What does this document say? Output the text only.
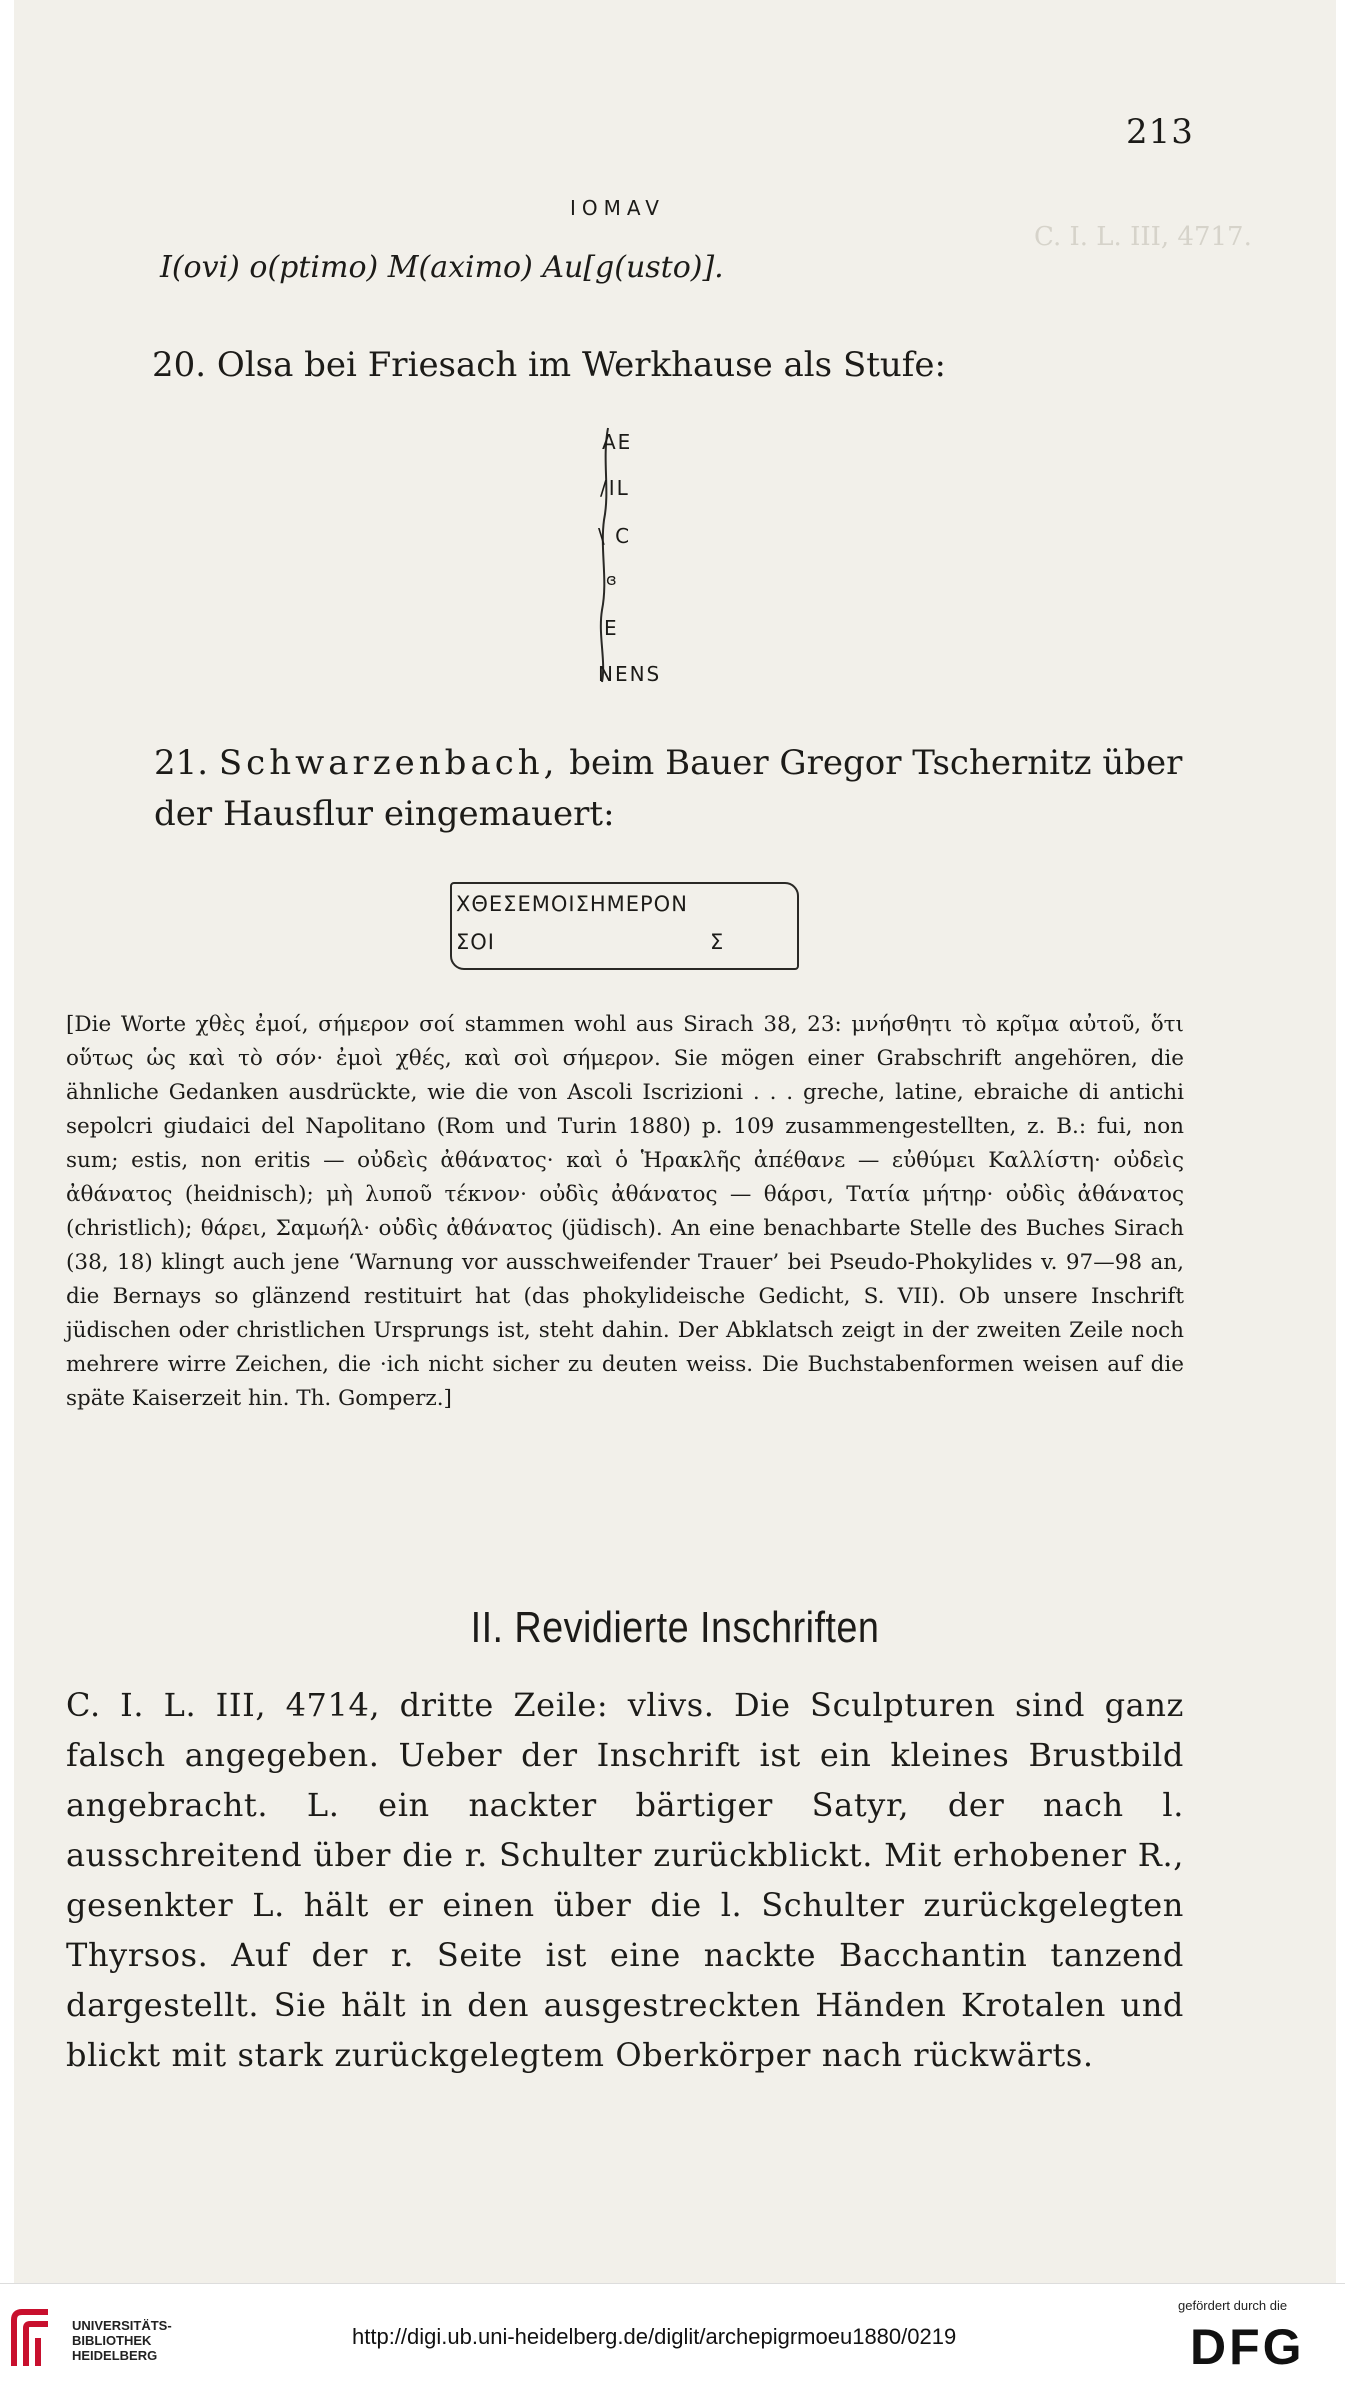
C. I. L. III, 4717.
213
IOMAV
I(ovi) o(ptimo) M(aximo) Au[g(usto)].
20. Olsa bei Friesach im Werkhause als Stufe:
AE
/IL
\ C
ɞ
E
NENS
21. Schwarzenbach, beim Bauer Gregor Tschernitz über der Hausflur eingemauert:
ΧΘΕΣΕΜΟΙΣΗΜΕΡΟΝ
ΣΟΙ	Σ
[Die Worte χθὲς ἐμοί, σήμερον σοί stammen wohl aus Sirach 38, 23: μνήσθητι τὸ κρῖμα αὐτοῦ, ὅτι οὕτως ὡς καὶ τὸ σόν· ἐμοὶ χθές, καὶ σοὶ σήμερον. Sie mögen einer Grabschrift angehören, die ähnliche Gedanken ausdrückte, wie die von Ascoli Iscrizioni . . . greche, latine, ebraiche di antichi sepolcri giudaici del Napolitano (Rom und Turin 1880) p. 109 zusammengestellten, z. B.: fui, non sum; estis, non eritis — οὐδεὶς ἀθάνατος· καὶ ὁ Ἡρακλῆς ἀπέθανε — εὐθύμει Καλλίστη· οὐδεὶς ἀθάνατος (heidnisch); μὴ λυποῦ τέκνον· οὐδὶς ἀθάνατος — θάρσι, Τατία μήτηρ· οὐδὶς ἀθάνατος (christlich); θάρει, Σαμωήλ· οὐδὶς ἀθάνατος (jüdisch). An eine benachbarte Stelle des Buches Sirach (38, 18) klingt auch jene ‘Warnung vor ausschweifender Trauer’ bei Pseudo-Phokylides v. 97—98 an, die Bernays so glänzend restituirt hat (das phokylideische Gedicht, S. VII). Ob unsere Inschrift jüdischen oder christlichen Ursprungs ist, steht dahin. Der Abklatsch zeigt in der zweiten Zeile noch mehrere wirre Zeichen, die ·ich nicht sicher zu deuten weiss. Die Buchstabenformen weisen auf die späte Kaiserzeit hin. Th. Gomperz.]
II. Revidierte Inschriften
C. I. L. III, 4714, dritte Zeile: vlivs. Die Sculpturen sind ganz falsch angegeben. Ueber der Inschrift ist ein kleines Brustbild angebracht. L. ein nackter bärtiger Satyr, der nach l. ausschreitend über die r. Schulter zurückblickt. Mit erhobener R., gesenkter L. hält er einen über die l. Schulter zurückgelegten Thyrsos. Auf der r. Seite ist eine nackte Bacchantin tanzend dargestellt. Sie hält in den ausgestreckten Händen Krotalen und blickt mit stark zurückgelegtem Oberkörper nach rückwärts.
UNIVERSITÄTS-
BIBLIOTHEK
HEIDELBERG
http://digi.ub.uni-heidelberg.de/diglit/archepigrmoeu1880/0219
gefördert durch die
DFG
